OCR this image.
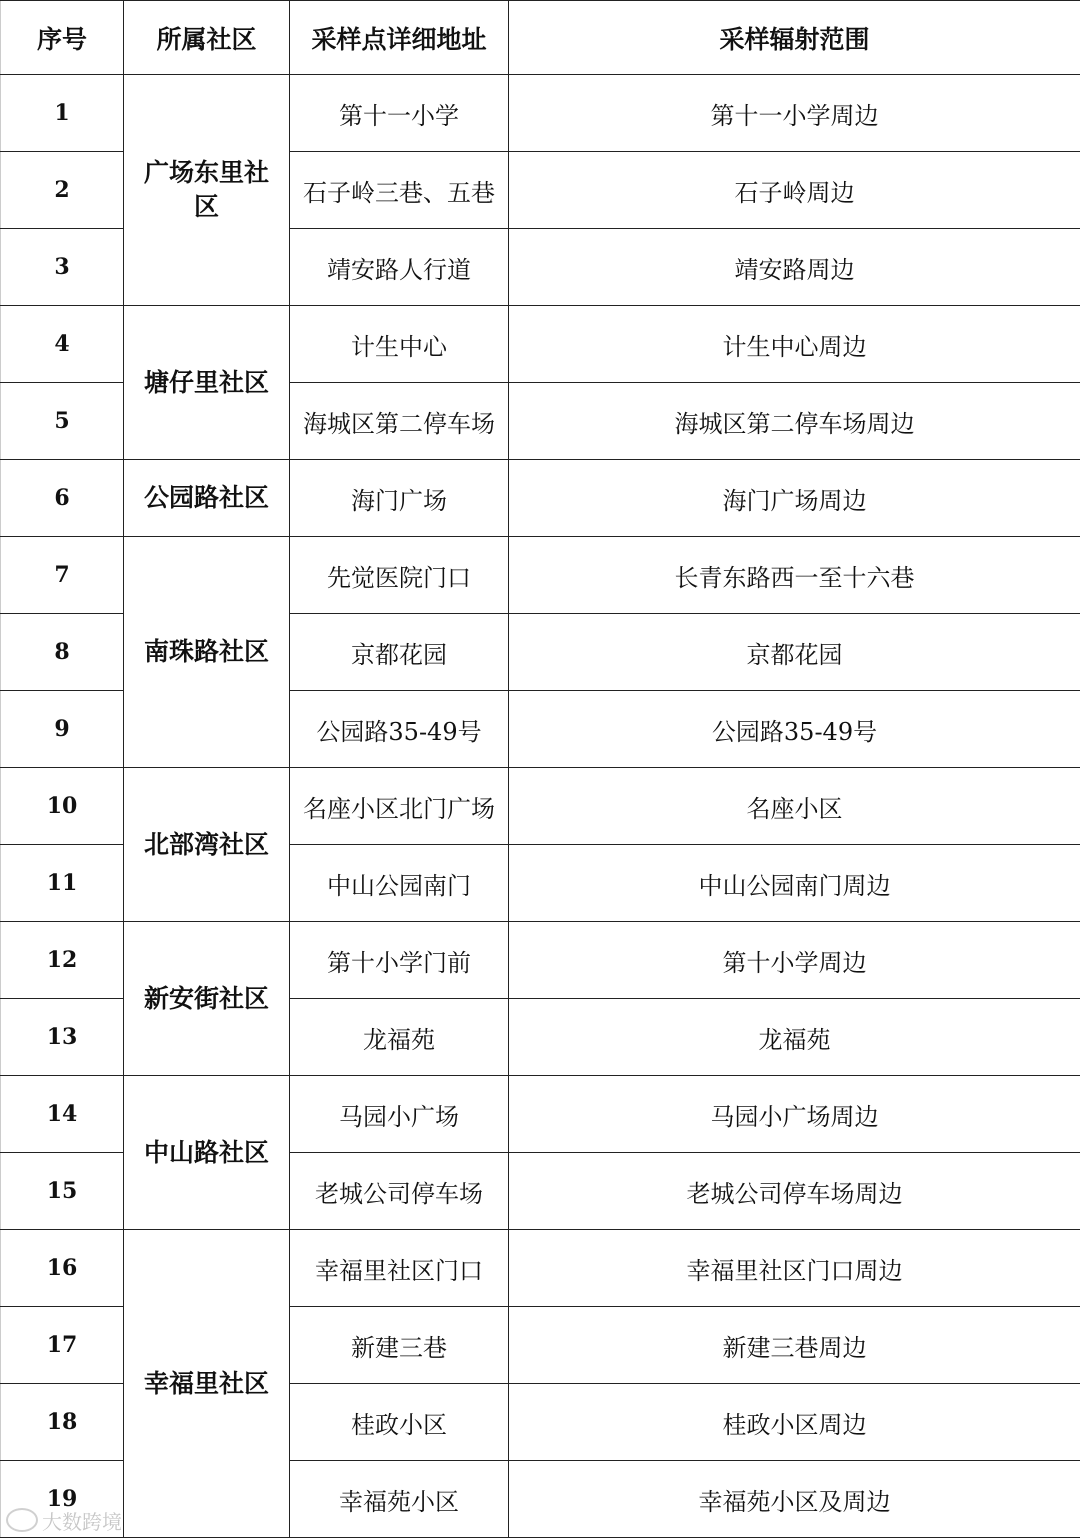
序号	所属社区	采样点详细地址	采样辐射范围
1	广场东里社区	第十一小学	第十一小学周边
2		石子岭三巷、五巷	石子岭周边
3		靖安路人行道	靖安路周边
4	塘仔里社区	计生中心	计生中心周边
5		海城区第二停车场	海城区第二停车场周边
6	公园路社区	海门广场	海门广场周边
7	南珠路社区	先觉医院门口	长青东路西一至十六巷
8		京都花园	京都花园
9		公园路35-49号	公园路35-49号
10	北部湾社区	名座小区北门广场	名座小区
11		中山公园南门	中山公园南门周边
12	新安街社区	第十小学门前	第十小学周边
13		龙福苑	龙福苑
14	中山路社区	马园小广场	马园小广场周边
15		老城公司停车场	老城公司停车场周边
16	幸福里社区	幸福里社区门口	幸福里社区门口周边
17		新建三巷	新建三巷周边
18		桂政小区	桂政小区周边
19		幸福苑小区	幸福苑小区及周边
大数跨境
